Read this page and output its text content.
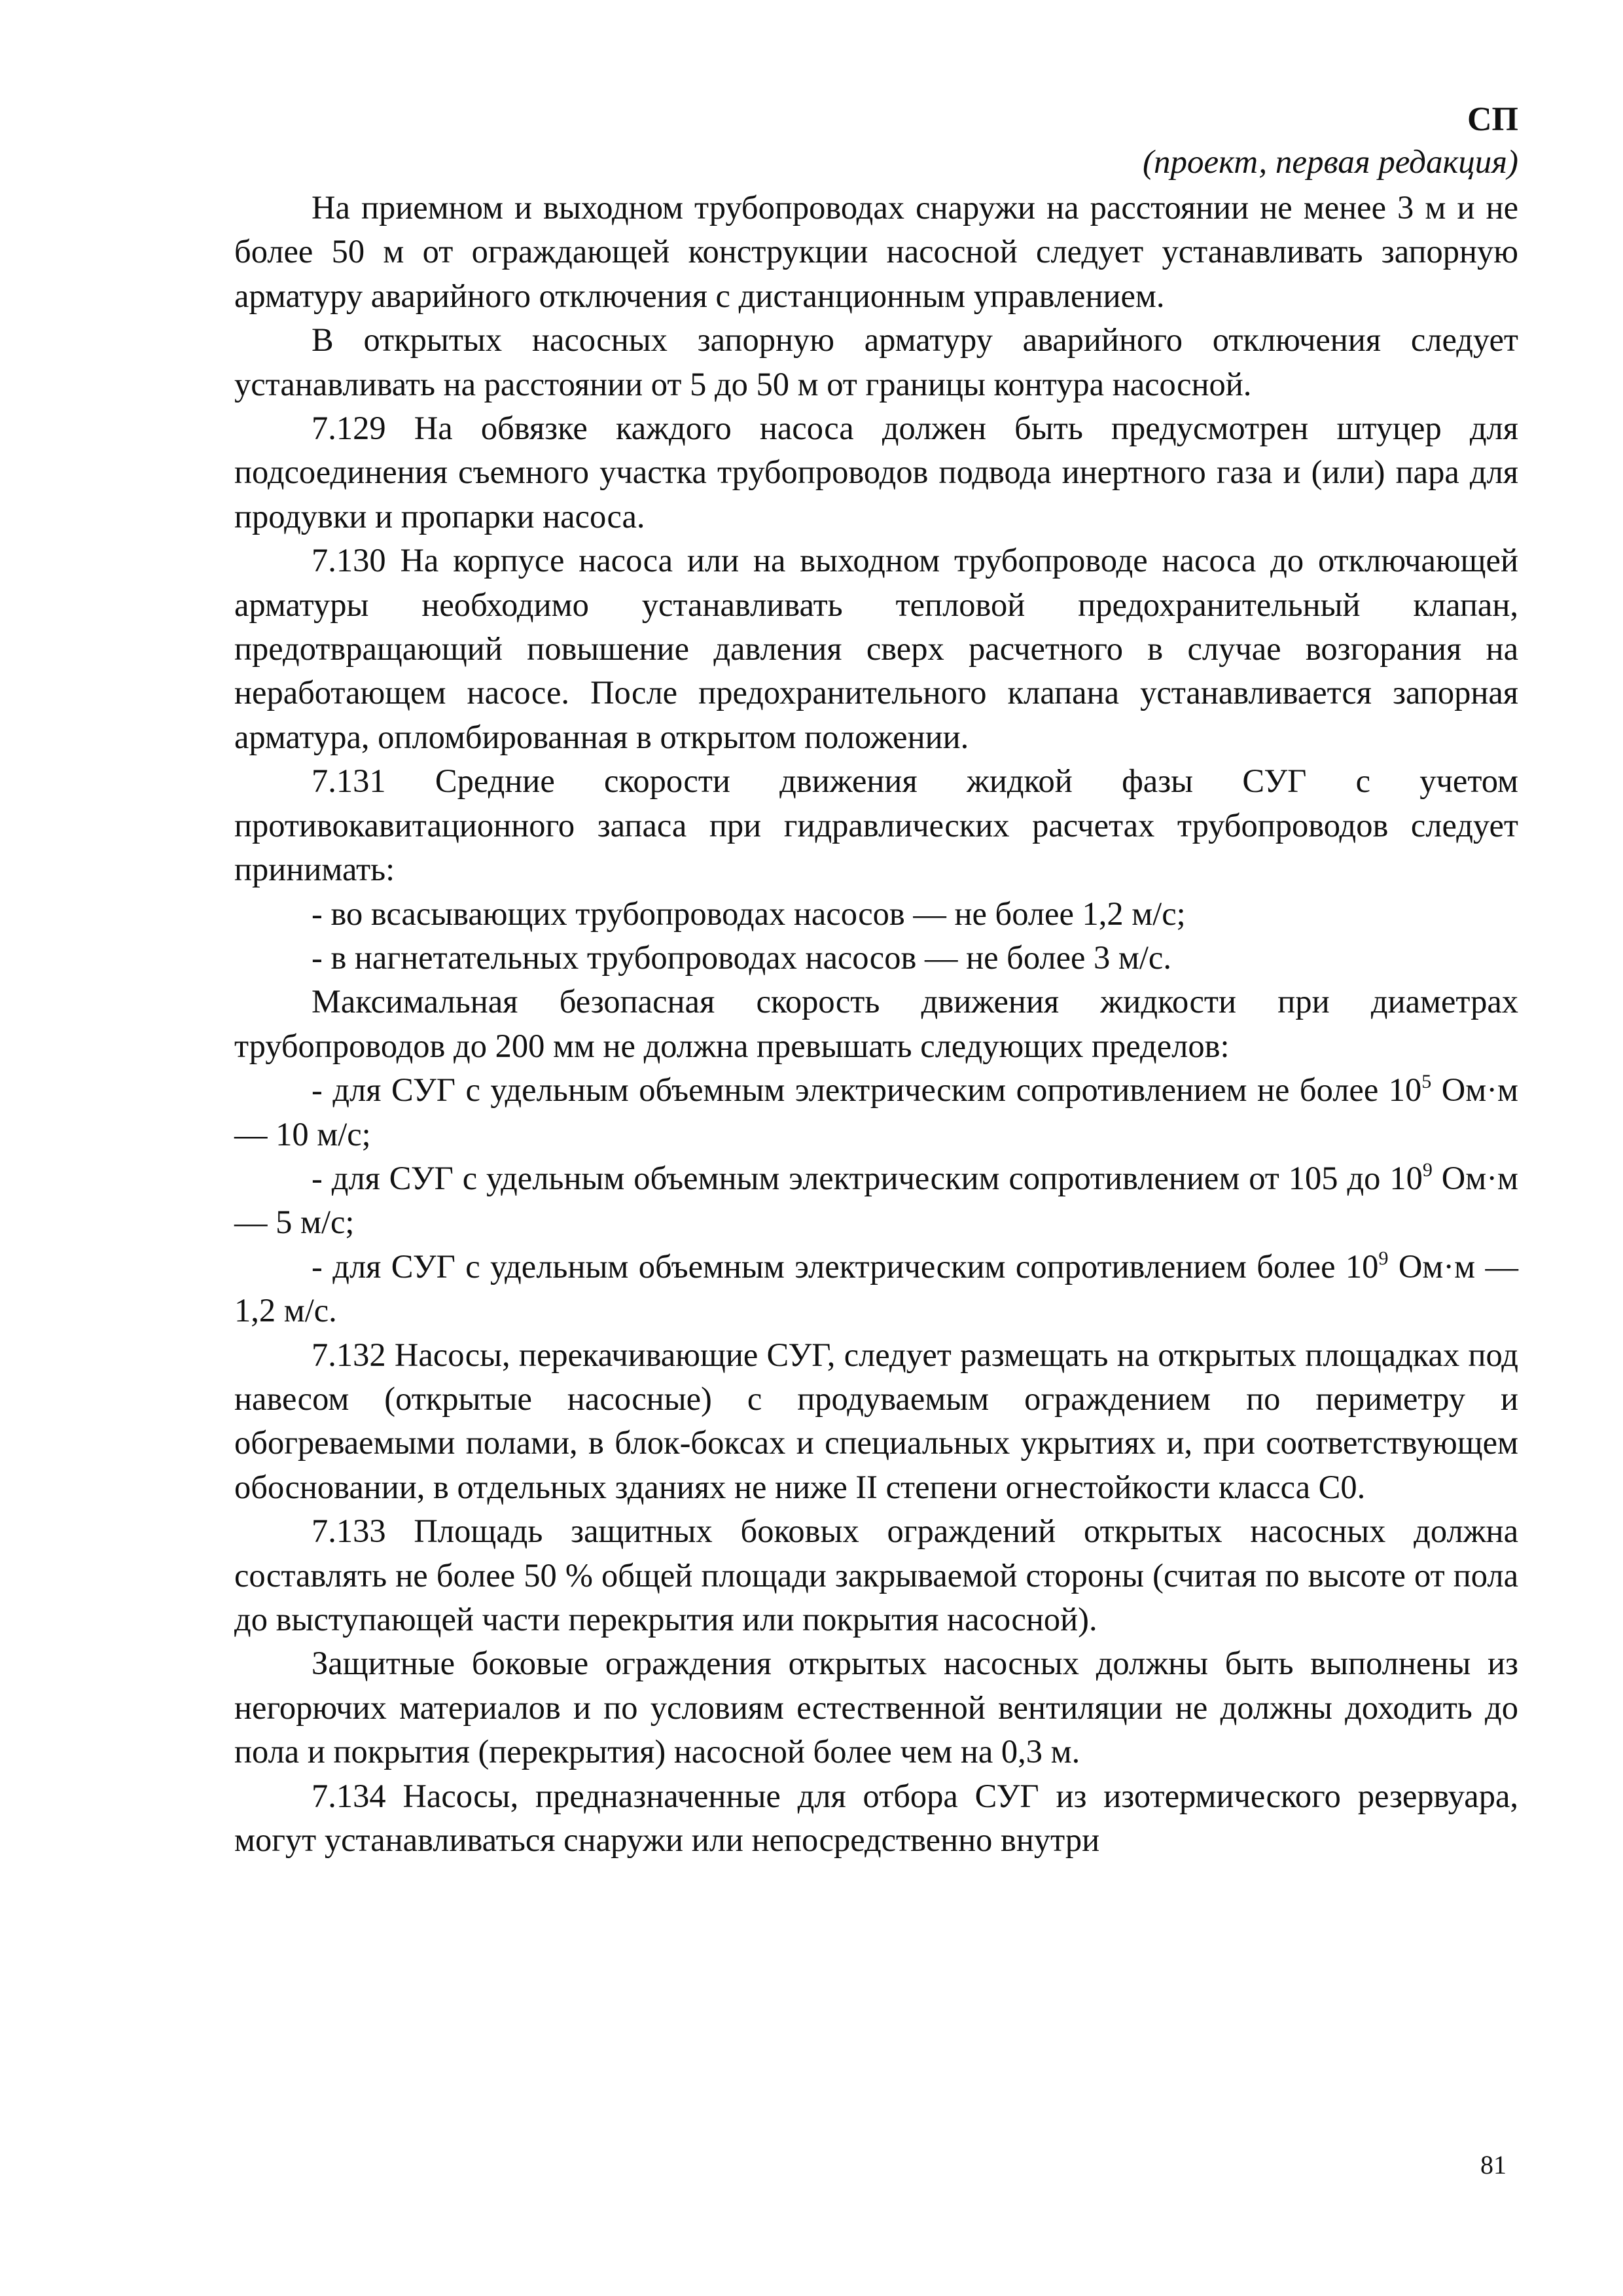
СП
(проект, первая редакция)

На приемном и выходном трубопроводах снаружи на расстоянии не менее 3 м и не более 50 м от ограждающей конструкции насосной следует устанавливать запорную арматуру аварийного отключения с дистанционным управлением.

В открытых насосных запорную арматуру аварийного отключения следует устанавливать на расстоянии от 5 до 50 м от границы контура насосной.

7.129 На обвязке каждого насоса должен быть предусмотрен штуцер для подсоединения съемного участка трубопроводов подвода инертного газа и (или) пара для продувки и пропарки насоса.

7.130 На корпусе насоса или на выходном трубопроводе насоса до отключающей арматуры необходимо устанавливать тепловой предохранительный клапан, предотвращающий повышение давления сверх расчетного в случае возгорания на неработающем насосе. После предохранительного клапана устанавливается запорная арматура, опломбированная в открытом положении.

7.131 Средние скорости движения жидкой фазы СУГ с учетом противокавитационного запаса при гидравлических расчетах трубопроводов следует принимать:

- во всасывающих трубопроводах насосов — не более 1,2 м/с;

- в нагнетательных трубопроводах насосов — не более 3 м/с.

Максимальная безопасная скорость движения жидкости при диаметрах трубопроводов до 200 мм не должна превышать следующих пределов:

- для СУГ с удельным объемным электрическим сопротивлением не более $10^5$ Ом·м — 10 м/с;

- для СУГ с удельным объемным электрическим сопротивлением от 105 до $10^9$ Ом·м — 5 м/с;

- для СУГ с удельным объемным электрическим сопротивлением более $10^9$ Ом·м — 1,2 м/с.

7.132 Насосы, перекачивающие СУГ, следует размещать на открытых площадках под навесом (открытые насосные) с продуваемым ограждением по периметру и обогреваемыми полами, в блок-боксах и специальных укрытиях и, при соответствующем обосновании, в отдельных зданиях не ниже II степени огнестойкости класса С0.

7.133 Площадь защитных боковых ограждений открытых насосных должна составлять не более 50 % общей площади закрываемой стороны (считая по высоте от пола до выступающей части перекрытия или покрытия насосной).

Защитные боковые ограждения открытых насосных должны быть выполнены из негорючих материалов и по условиям естественной вентиляции не должны доходить до пола и покрытия (перекрытия) насосной более чем на 0,3 м.

7.134 Насосы, предназначенные для отбора СУГ из изотермического резервуара, могут устанавливаться снаружи или непосредственно внутри

81
